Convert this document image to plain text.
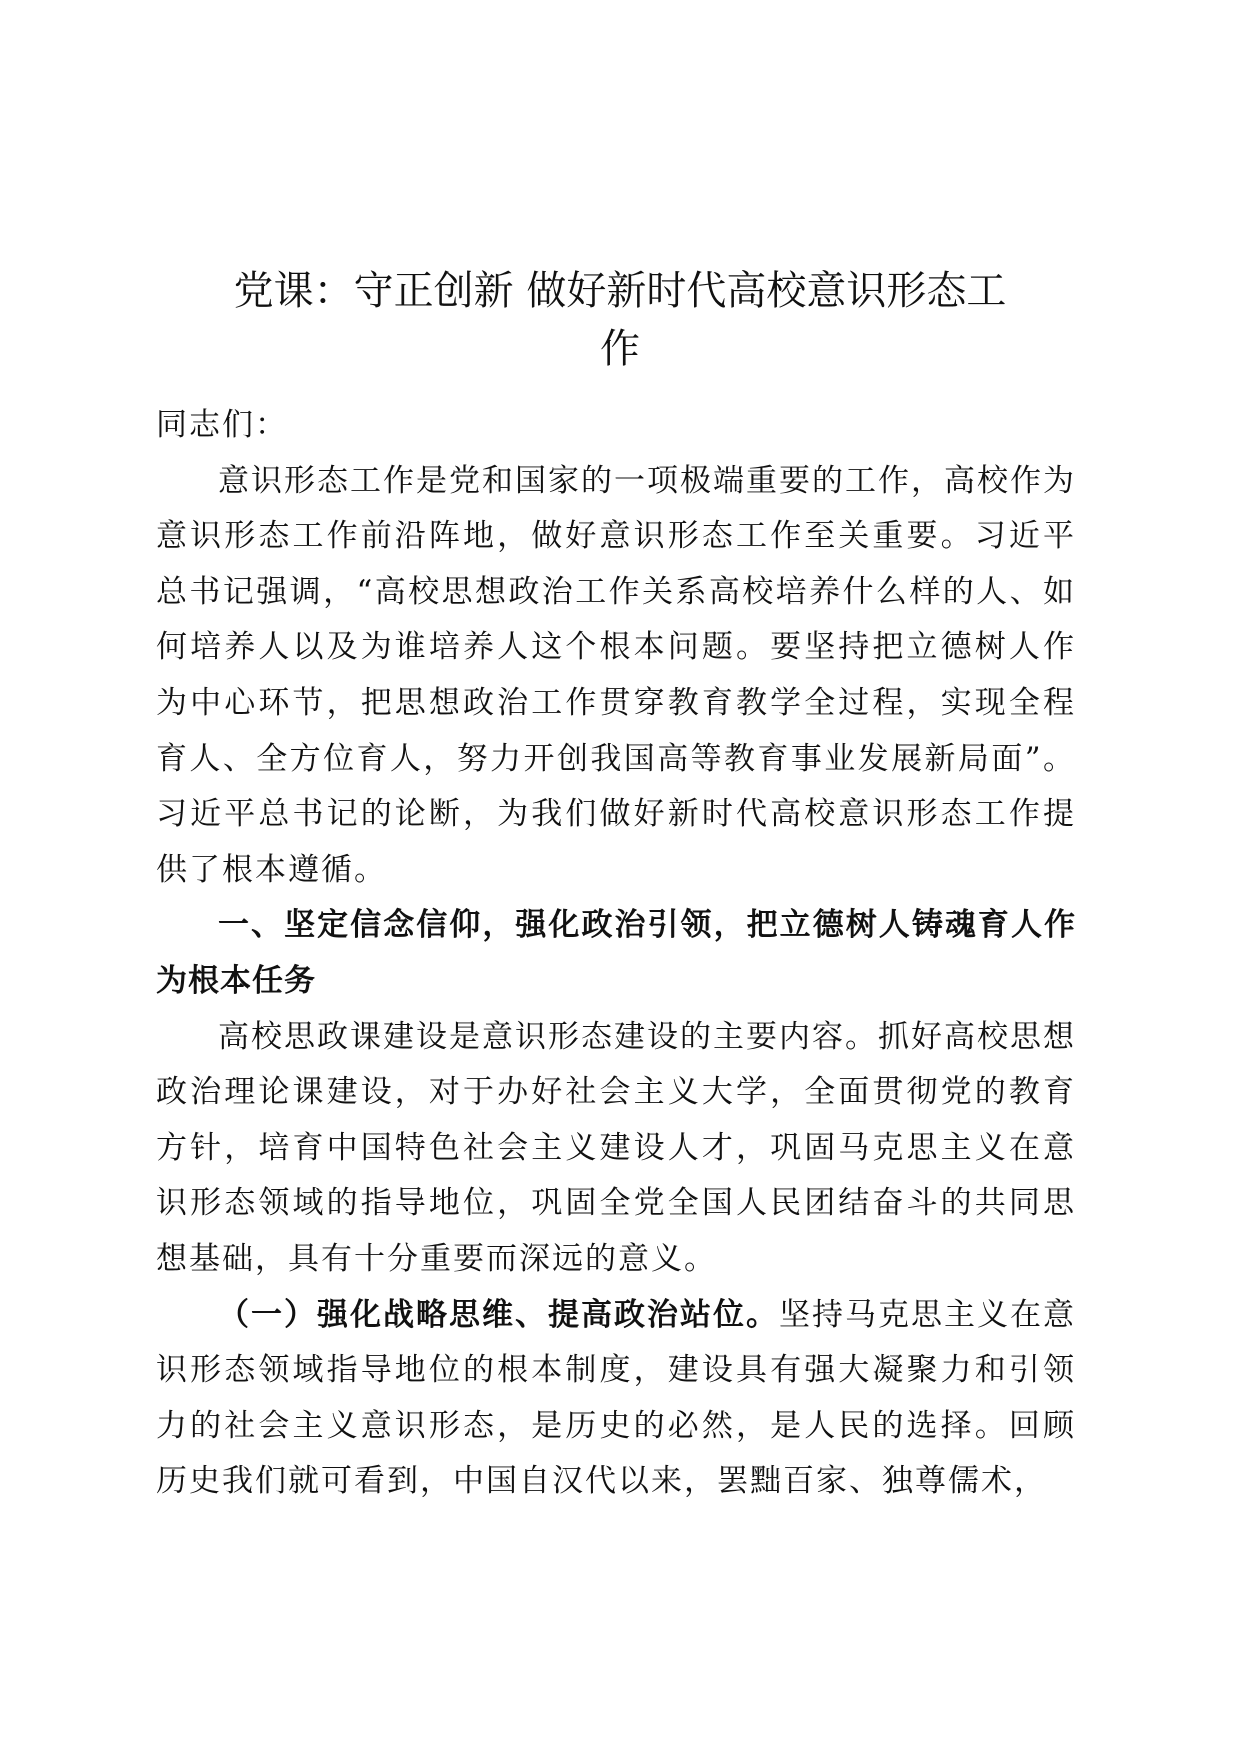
党课：守正创新 做好新时代高校意识形态工
作

同志们：

意识形态工作是党和国家的一项极端重要的工作，高校作为意识形态工作前沿阵地，做好意识形态工作至关重要。习近平总书记强调，“高校思想政治工作关系高校培养什么样的人、如何培养人以及为谁培养人这个根本问题。要坚持把立德树人作为中心环节，把思想政治工作贯穿教育教学全过程，实现全程育人、全方位育人，努力开创我国高等教育事业发展新局面”。习近平总书记的论断，为我们做好新时代高校意识形态工作提供了根本遵循。

一、坚定信念信仰，强化政治引领，把立德树人铸魂育人作为根本任务

高校思政课建设是意识形态建设的主要内容。抓好高校思想政治理论课建设，对于办好社会主义大学，全面贯彻党的教育方针，培育中国特色社会主义建设人才，巩固马克思主义在意识形态领域的指导地位，巩固全党全国人民团结奋斗的共同思想基础，具有十分重要而深远的意义。

（一）强化战略思维、提高政治站位。坚持马克思主义在意识形态领域指导地位的根本制度，建设具有强大凝聚力和引领力的社会主义意识形态，是历史的必然，是人民的选择。回顾历史我们就可看到，中国自汉代以来，罢黜百家、独尊儒术，
